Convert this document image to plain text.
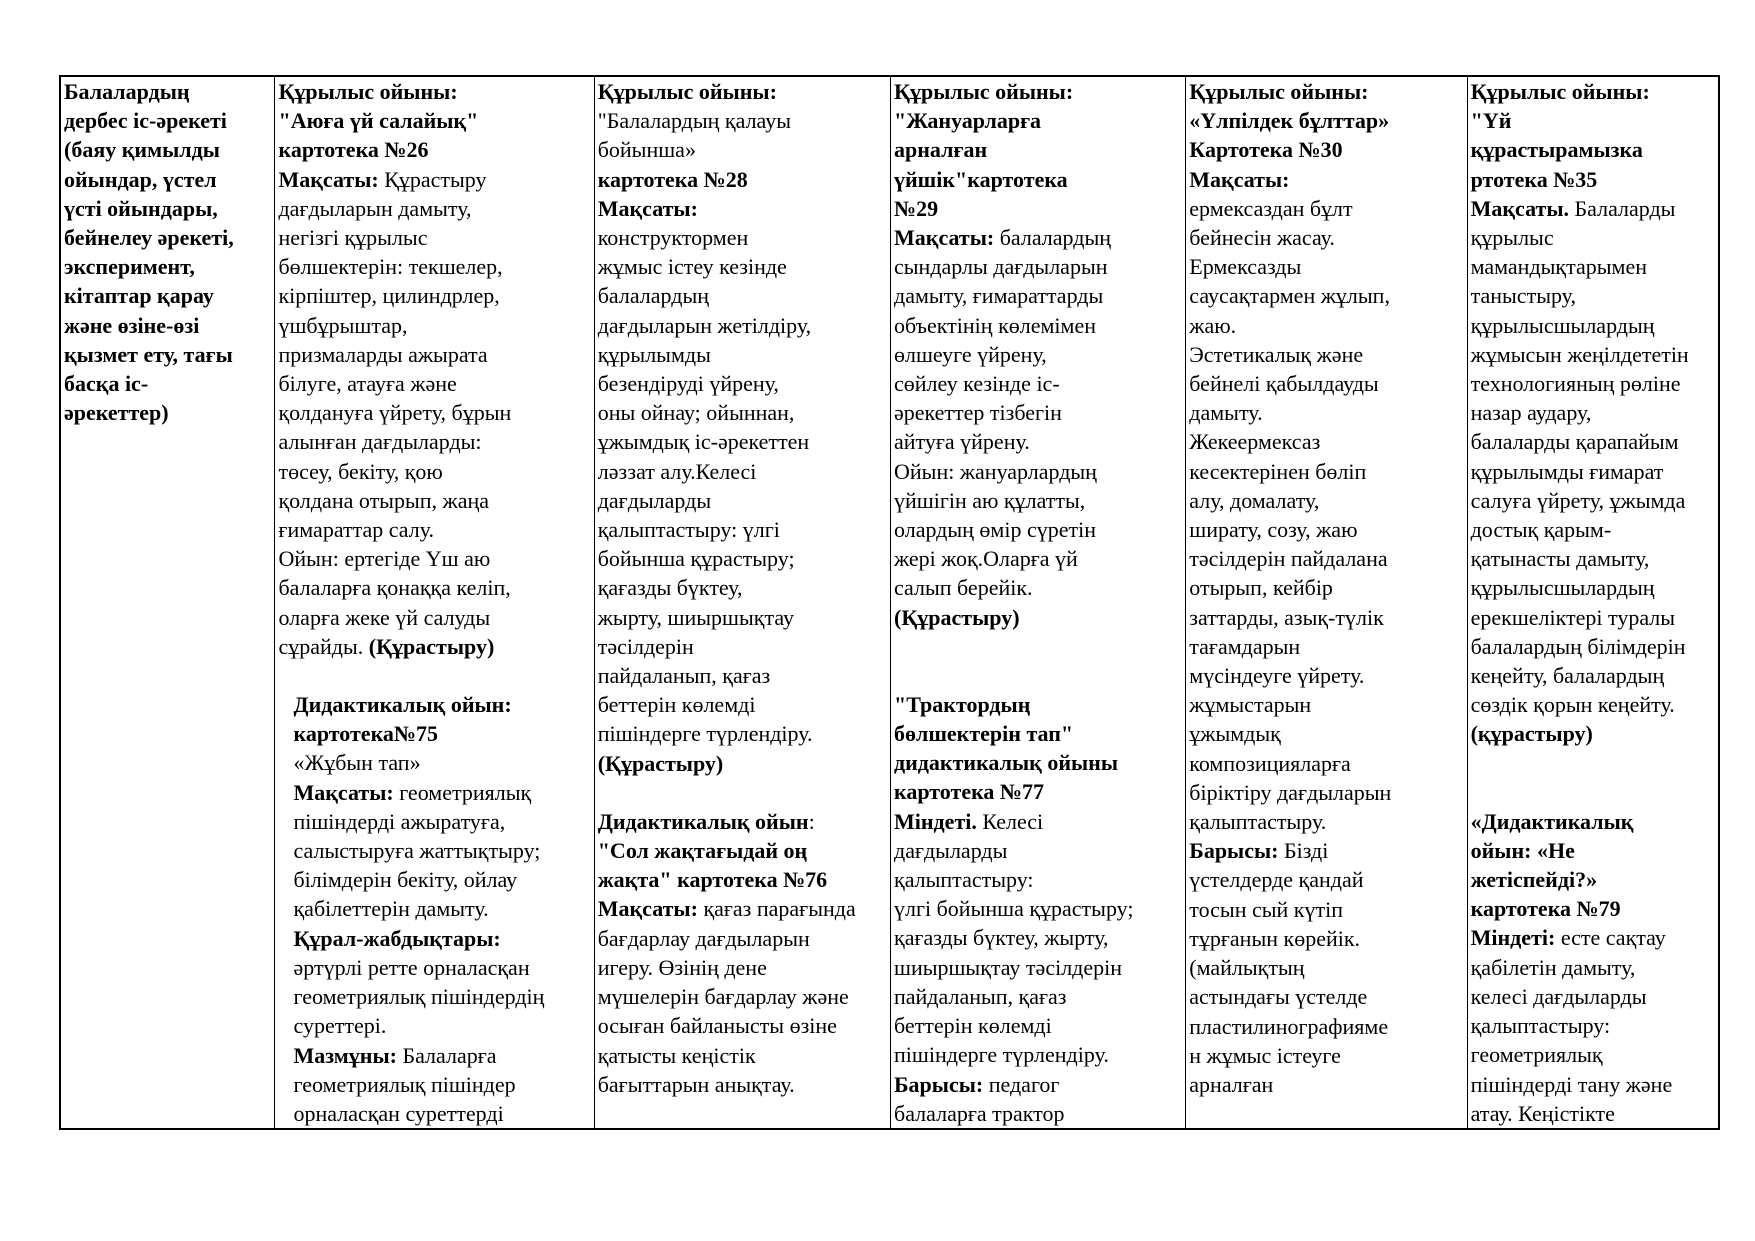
Балалардың
дербес іс-әрекеті
(баяу қимылды
ойындар, үстел
үсті ойындары,
бейнелеу әрекеті,
эксперимент,
кітаптар қарау
және өзіне-өзі
қызмет ету, тағы
басқа іс-
әрекеттер)
Құрылыс ойыны:
"Аюға үй салайық"
картотека №26
Мақсаты: Құрастыру
дағдыларын дамыту,
негізгі құрылыс
бөлшектерін: текшелер,
кірпіштер, цилиндрлер,
үшбұрыштар,
призмаларды ажырата
білуге, атауға және
қолдануға үйрету, бұрын
алынған дағдыларды:
төсеу, бекіту, қою
қолдана отырып, жаңа
ғимараттар салу.
Ойын: ертегіде Үш аю
балаларға қонаққа келіп,
оларға жеке үй салуды
сұрайды. (Құрастыру)
Дидактикалық ойын:
картотека№75
«Жұбын тап»
Мақсаты: геометриялық
пішіндерді ажыратуға,
салыстыруға жаттықтыру;
білімдерін бекіту, ойлау
қабілеттерін дамыту.
Құрал-жабдықтары:
әртүрлі ретте орналасқан
геометриялық пішіндердің
суреттері.
Мазмұны: Балаларға
геометриялық пішіндер
орналасқан суреттерді
Құрылыс ойыны:
"Балалардың қалауы
бойынша»
картотека №28
Мақсаты:
конструктормен
жұмыс істеу кезінде
балалардың
дағдыларын жетілдіру,
құрылымды
безендіруді үйрену,
оны ойнау; ойыннан,
ұжымдық іс-әрекеттен
ләззат алу.Келесі
дағдыларды
қалыптастыру: үлгі
бойынша құрастыру;
қағазды бүктеу,
жырту, шиыршықтау
тәсілдерін
пайдаланып, қағаз
беттерін көлемді
пішіндерге түрлендіру.
(Құрастыру)
Дидактикалық ойын:
"Сол жақтағыдай оң
жақта" картотека №76
Мақсаты: қағаз парағында
бағдарлау дағдыларын
игеру. Өзінің дене
мүшелерін бағдарлау және
осыған байланысты өзіне
қатысты кеңістік
бағыттарын анықтау.
Құрылыс ойыны:
"Жануарларға
арналған
үйшік"картотека
№29
Мақсаты: балалардың
сындарлы дағдыларын
дамыту, ғимараттарды
объектінің көлемімен
өлшеуге үйрену,
сөйлеу кезінде іс-
әрекеттер тізбегін
айтуға үйрену.
Ойын: жануарлардың
үйшігін аю құлатты,
олардың өмір сүретін
жері жоқ.Оларға үй
салып берейік.
(Құрастыру)
"Трактордың
бөлшектерін тап"
дидактикалық ойыны
картотека №77
Міндеті. Келесі
дағдыларды
қалыптастыру:
үлгі бойынша құрастыру;
қағазды бүктеу, жырту,
шиыршықтау тәсілдерін
пайдаланып, қағаз
беттерін көлемді
пішіндерге түрлендіру.
Барысы: педагог
балаларға трактор
Құрылыс ойыны:
«Үлпілдек бұлттар»
Картотека №30
Мақсаты:
ермексаздан бұлт
бейнесін жасау.
Ермексазды
саусақтармен жұлып,
жаю.
Эстетикалық және
бейнелі қабылдауды
дамыту.
Жекеермексаз
кесектерінен бөліп
алу, домалату,
ширату, созу, жаю
тәсілдерін пайдалана
отырып, кейбір
заттарды, азық-түлік
тағамдарын
мүсіндеуге үйрету.
жұмыстарын
ұжымдық
композицияларға
біріктіру дағдыларын
қалыптастыру.
Барысы: Бізді
үстелдерде қандай
тосын сый күтіп
тұрғанын көрейік.
(майлықтың
астындағы үстелде
пластилинографияме
н жұмыс істеуге
арналған
Құрылыс ойыны:
"Үй
құрастырамызка
ртотека №35
Мақсаты. Балаларды
құрылыс
мамандықтарымен
таныстыру,
құрылысшылардың
жұмысын жеңілдететін
технологияның рөліне
назар аудару,
балаларды қарапайым
құрылымды ғимарат
салуға үйрету, ұжымда
достық қарым-
қатынасты дамыту,
құрылысшылардың
ерекшеліктері туралы
балалардың білімдерін
кеңейту, балалардың
сөздік қорын кеңейту.
(құрастыру)
«Дидактикалық
ойын: «Не
жетіспейді?»
картотека №79
Міндеті: есте сақтау
қабілетін дамыту,
келесі дағдыларды
қалыптастыру:
геометриялық
пішіндерді тану және
атау. Кеңістікте
